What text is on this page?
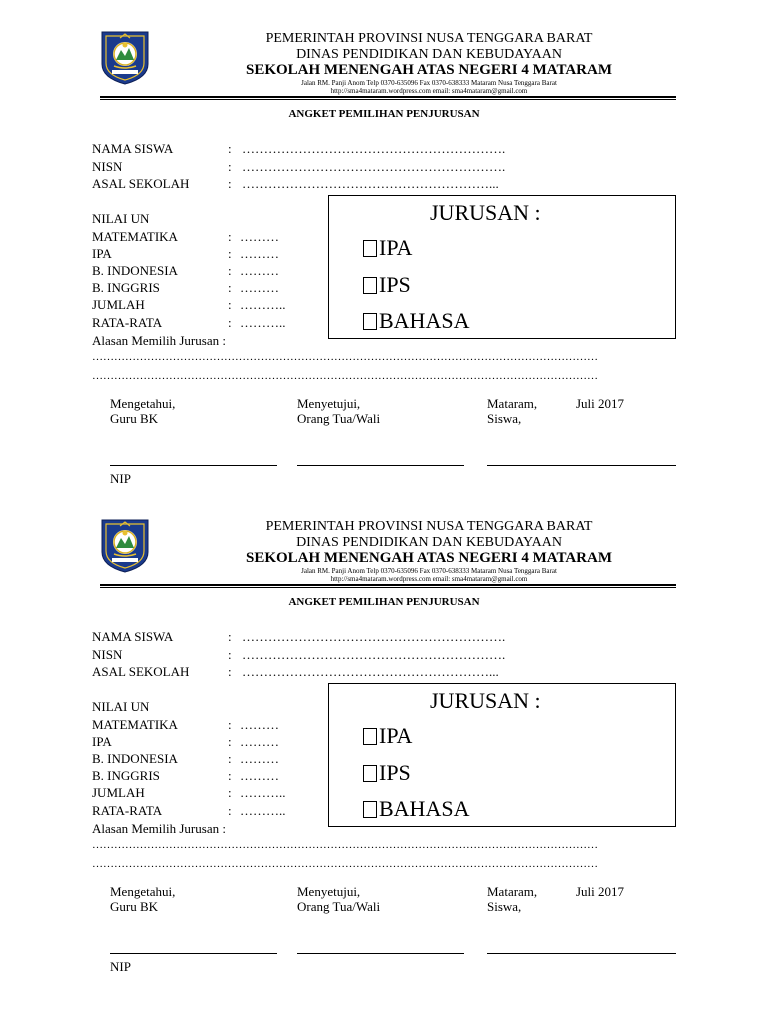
PEMERINTAH PROVINSI NUSA TENGGARA BARAT
DINAS PENDIDIKAN DAN KEBUDAYAAN
SEKOLAH MENENGAH ATAS NEGERI 4 MATARAM
Jalan RM. Panji Anom Telp 0370-635096 Fax 0370-638333 Mataram Nusa Tenggara Barat
http://sma4mataram.wordpress.com email: sma4mataram@gmail.com
ANGKET PEMILIHAN PENJURUSAN
NAMA SISWA	: …………………………………………………….
NISN	: …………………………………………………….
ASAL SEKOLAH	: …………………………………………………...
NILAI UN
MATEMATIKA	: ………
IPA	: ………
B. INDONESIA	: ………
B. INGGRIS	: ………
JUMLAH	: ………..
RATA-RATA	: ………..
JURUSAN :
IPA
IPS
BAHASA
Alasan Memilih Jurusan :
…………………………………………………………………………………………………………………………
…………………………………………………………………………………………………………………………
Mengetahui,
Guru BK
Menyetujui,
Orang Tua/Wali
Mataram,	Juli 2017
Siswa,
NIP
PEMERINTAH PROVINSI NUSA TENGGARA BARAT
DINAS PENDIDIKAN DAN KEBUDAYAAN
SEKOLAH MENENGAH ATAS NEGERI 4 MATARAM
Jalan RM. Panji Anom Telp 0370-635096 Fax 0370-638333 Mataram Nusa Tenggara Barat
http://sma4mataram.wordpress.com email: sma4mataram@gmail.com
ANGKET PEMILIHAN PENJURUSAN
NAMA SISWA	: …………………………………………………….
NISN	: …………………………………………………….
ASAL SEKOLAH	: …………………………………………………...
NILAI UN
MATEMATIKA	: ………
IPA	: ………
B. INDONESIA	: ………
B. INGGRIS	: ………
JUMLAH	: ………..
RATA-RATA	: ………..
JURUSAN :
IPA
IPS
BAHASA
Alasan Memilih Jurusan :
…………………………………………………………………………………………………………………………
…………………………………………………………………………………………………………………………
Mengetahui,
Guru BK
Menyetujui,
Orang Tua/Wali
Mataram,	Juli 2017
Siswa,
NIP
